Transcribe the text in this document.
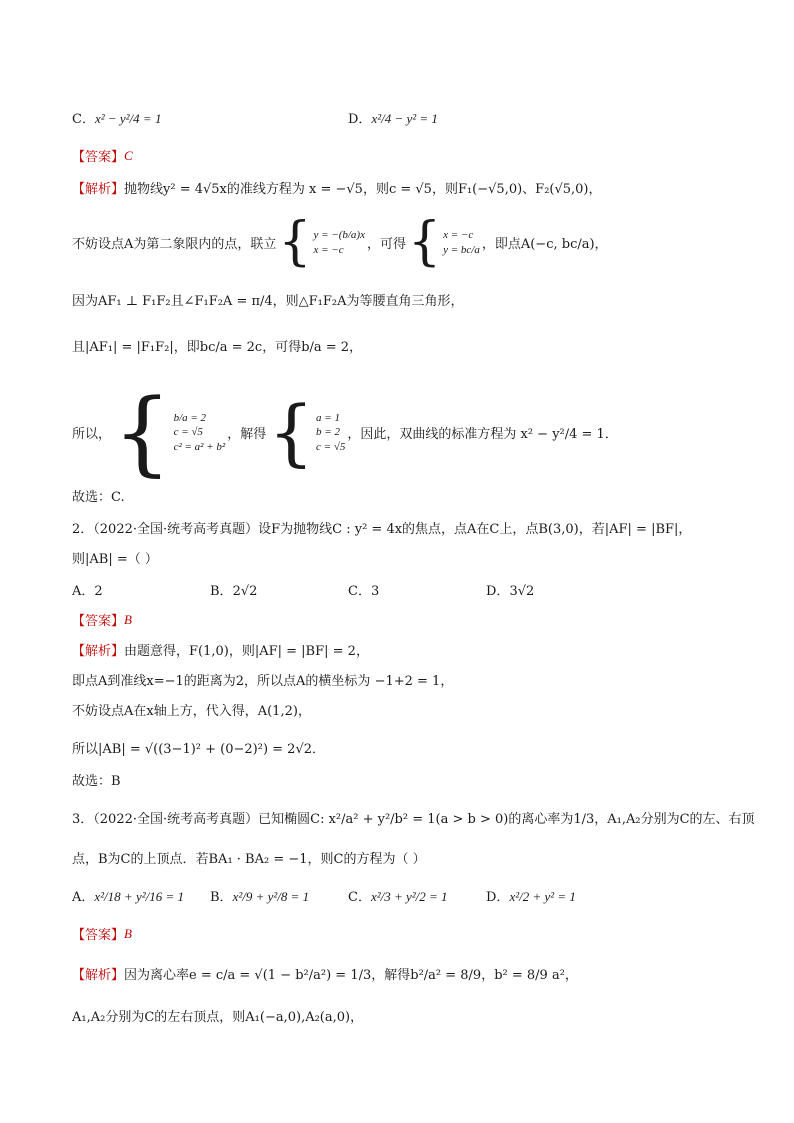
C．x² − y²/4 = 1	D．x²/4 − y² = 1
【答案】 C
【解析】 抛物线y² = 4√5x的准线方程为 x = −√5，则c = √5，则F₁(−√5,0)、F₂(√5,0)，
不妨设点A为第二象限内的点，联立 { y = −(b/a)x
x = −c	，可得 { x = −c
y = bc/a ，即点A(−c, bc/a)，
因为AF₁ ⊥ F₁F₂且∠F₁F₂A = π/4，则△F₁F₂A为等腰直角三角形，
且|AF₁| = |F₁F₂|，即bc/a = 2c，可得b/a = 2，
所以， { b/a = 2
c = √5
c² = a² + b²
，解得 { a = 1
b = 2
c = √5
，因此，双曲线的标准方程为 x² − y²/4 = 1．
故选：C.
2．（2022·全国·统考高考真题）设F为抛物线C : y² = 4x的焦点，点A在C上，点B(3,0)，若|AF| = |BF|，
则|AB| =（ ）
A．2	B．2√2	C．3	D．3√2
【答案】 B
【解析】 由题意得，F(1,0)，则|AF| = |BF| = 2，
即点A到准线x=−1的距离为2，所以点A的横坐标为 −1+2 = 1，
不妨设点A在x轴上方，代入得，A(1,2)，
所以|AB| = √((3−1)² + (0−2)²) = 2√2．
故选：B
3．（2022·全国·统考高考真题）已知椭圆C: x²/a² + y²/b² = 1(a > b > 0)的离心率为1/3，A₁,A₂分别为C的左、右顶
点，B为C的上顶点．若BA₁ · BA₂ = −1，则C的方程为（ ）
A．x²/18 + y²/16 = 1 B．x²/9 + y²/8 = 1	C．x²/3 + y²/2 = 1	D．x²/2 + y² = 1
【答案】 B
【解析】 因为离心率e = c/a = √(1 − b²/a²) = 1/3，解得b²/a² = 8/9，b² = 8/9 a²，
A₁,A₂分别为C的左右顶点，则A₁(−a,0),A₂(a,0)，
